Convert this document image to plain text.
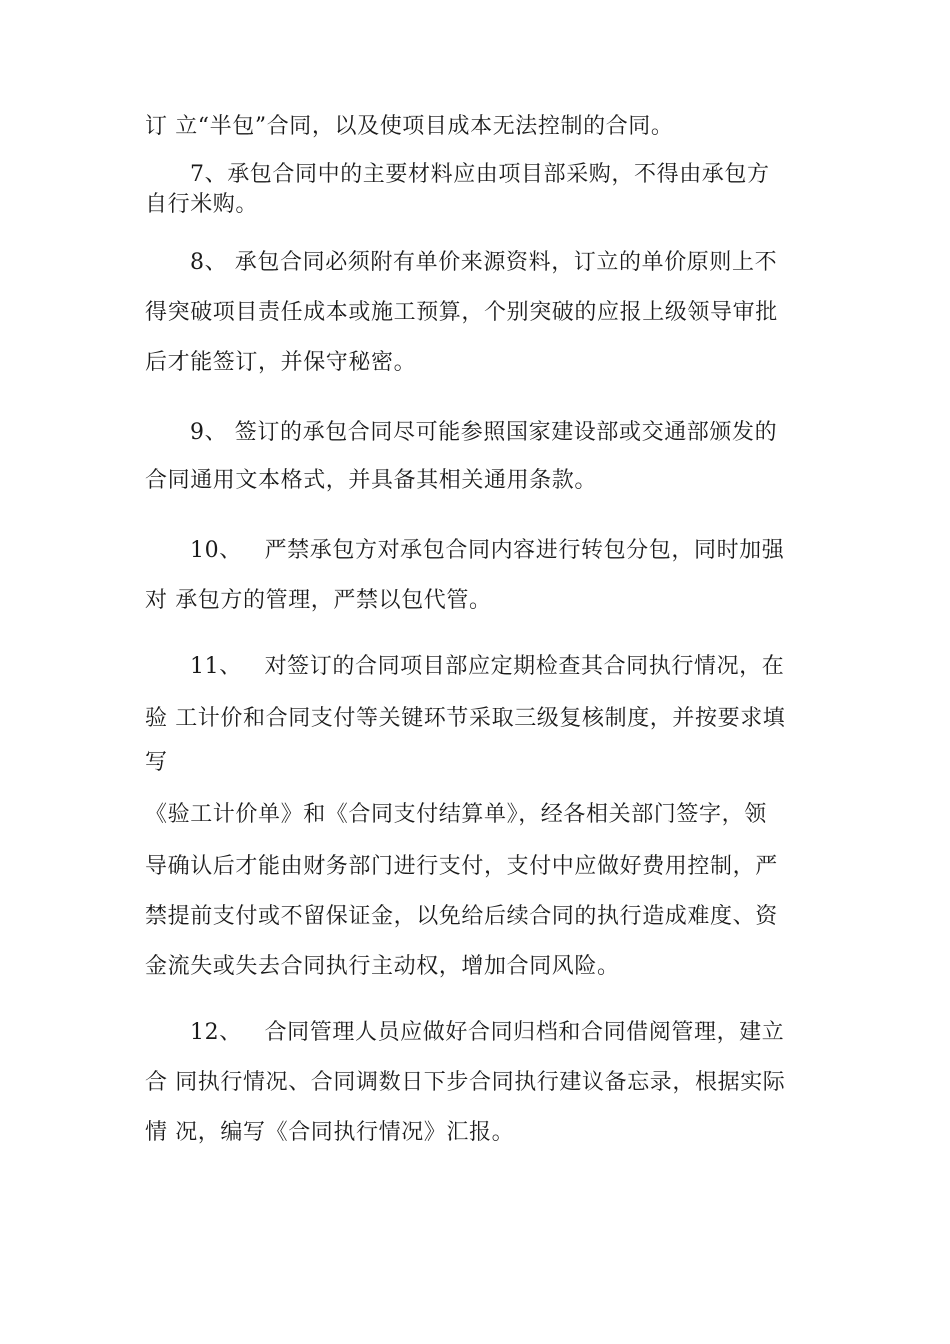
订 立“半包”合同，以及使项目成本无法控制的合同。
7、承包合同中的主要材料应由项目部采购，不得由承包方
自行米购。
8、 承包合同必须附有单价来源资料，订立的单价原则上不
得突破项目责任成本或施工预算，个别突破的应报上级领导审批
后才能签订，并保守秘密。
9、 签订的承包合同尽可能参照国家建设部或交通部颁发的
合同通用文本格式，并具备其相关通用条款。
10、   严禁承包方对承包合同内容进行转包分包，同时加强
对 承包方的管理，严禁以包代管。
11、   对签订的合同项目部应定期检查其合同执行情况，在
验 工计价和合同支付等关键环节采取三级复核制度，并按要求填
写
《验工计价单》和《合同支付结算单》，经各相关部门签字，领
导确认后才能由财务部门进行支付，支付中应做好费用控制，严
禁提前支付或不留保证金，以免给后续合同的执行造成难度、资
金流失或失去合同执行主动权，增加合同风险。
12、   合同管理人员应做好合同归档和合同借阅管理，建立
合 同执行情况、合同调数日下步合同执行建议备忘录，根据实际
情 况，编写《合同执行情况》汇报。
